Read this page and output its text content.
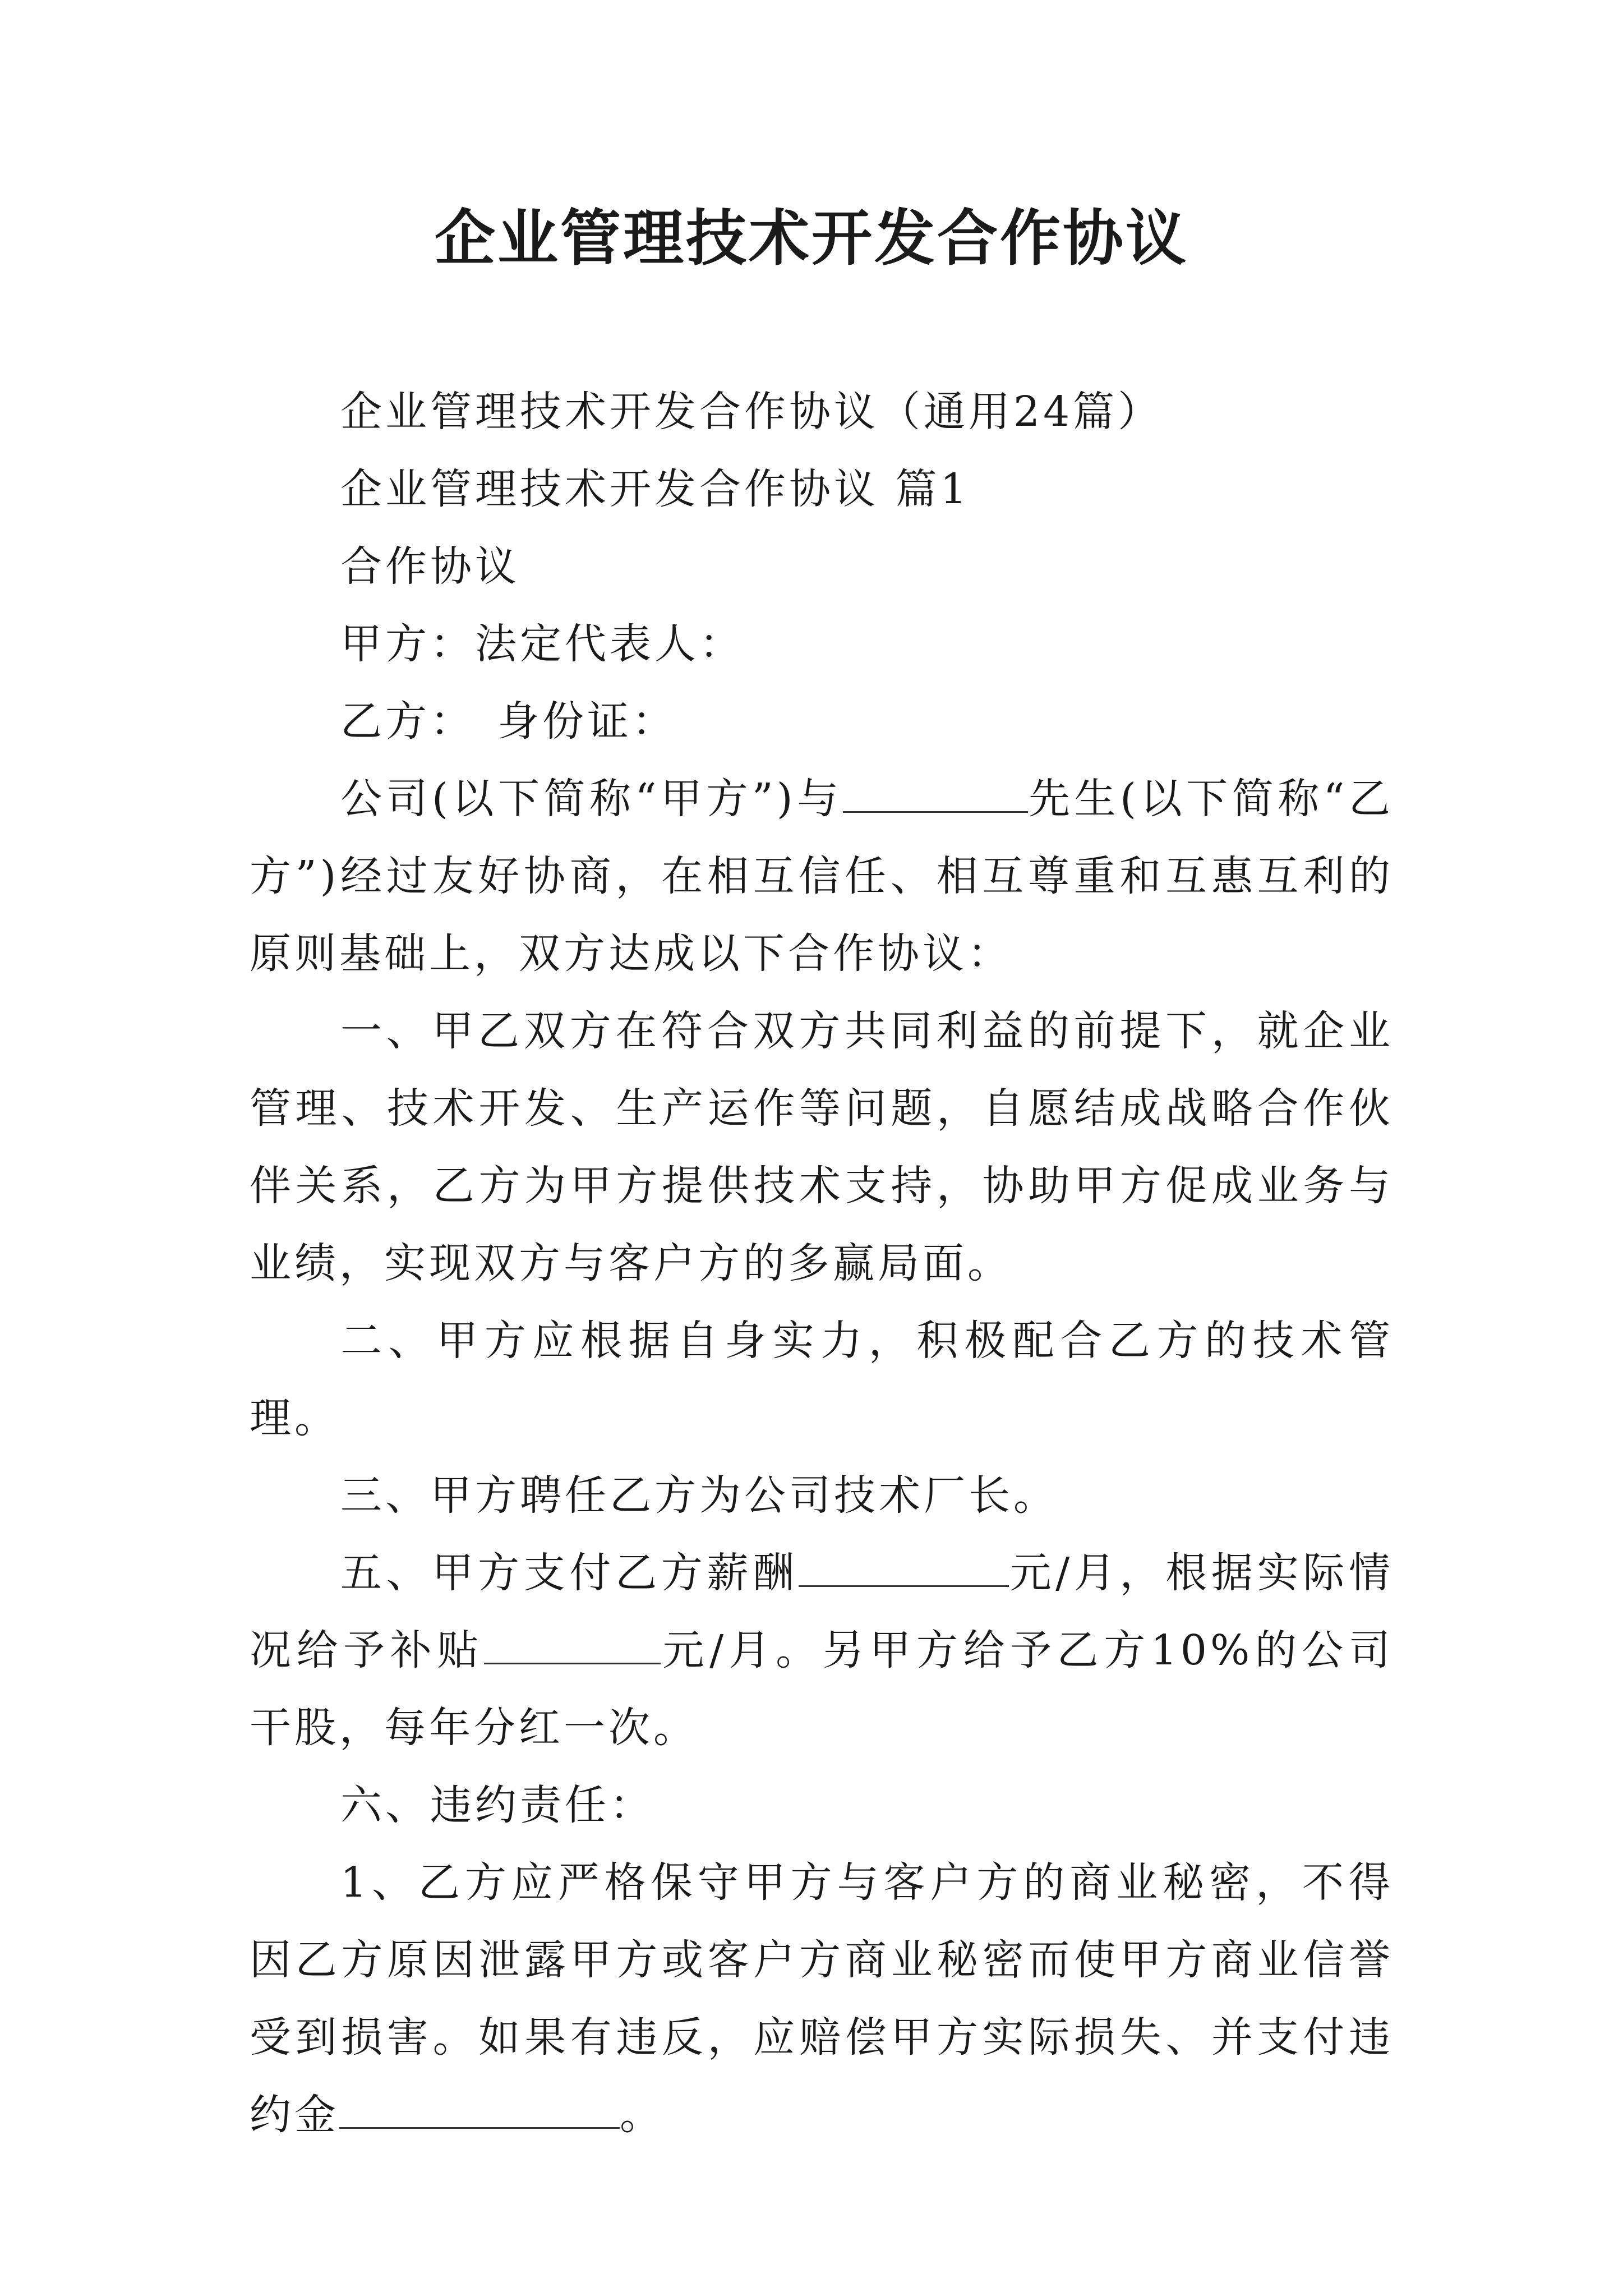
企业管理技术开发合作协议

企业管理技术开发合作协议（通用24篇）

企业管理技术开发合作协议 篇1

合作协议

甲方：法定代表人：

乙方： 身份证：

公司(以下简称“甲方”)与	先生(以下简称“乙方”)经过友好协商，在相互信任、相互尊重和互惠互利的原则基础上，双方达成以下合作协议：

一、甲乙双方在符合双方共同利益的前提下，就企业管理、技术开发、生产运作等问题，自愿结成战略合作伙伴关系，乙方为甲方提供技术支持，协助甲方促成业务与业绩，实现双方与客户方的多赢局面。

二、甲方应根据自身实力，积极配合乙方的技术管理。

三、甲方聘任乙方为公司技术厂长。

五、甲方支付乙方薪酬	元/月，根据实际情况给予补贴	元/月。另甲方给予乙方10%的公司干股，每年分红一次。

六、违约责任：

1、乙方应严格保守甲方与客户方的商业秘密，不得因乙方原因泄露甲方或客户方商业秘密而使甲方商业信誉受到损害。如果有违反，应赔偿甲方实际损失、并支付违约金	。
